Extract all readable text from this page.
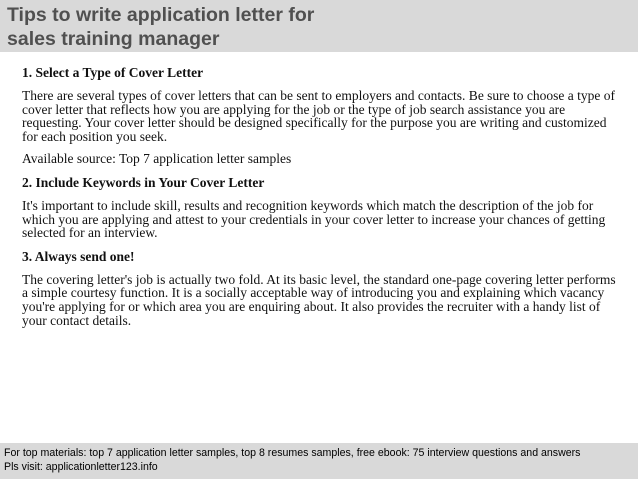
Tips to write application letter for
sales training manager

1. Select a Type of Cover Letter

There are several types of cover letters that can be sent to employers and contacts. Be sure to choose a type of cover letter that reflects how you are applying for the job or the type of job search assistance you are requesting. Your cover letter should be designed specifically for the purpose you are writing and customized for each position you seek.

Available source: Top 7 application letter samples

2. Include Keywords in Your Cover Letter

It's important to include skill, results and recognition keywords which match the description of the job for which you are applying and attest to your credentials in your cover letter to increase your chances of getting selected for an interview.

3. Always send one!

The covering letter's job is actually two fold. At its basic level, the standard one-page covering letter performs a simple courtesy function. It is a socially acceptable way of introducing you and explaining which vacancy you're applying for or which area you are enquiring about. It also provides the recruiter with a handy list of your contact details.

For top materials: top 7 application letter samples, top 8 resumes samples, free ebook: 75 interview questions and answers

Pls visit: applicationletter123.info
